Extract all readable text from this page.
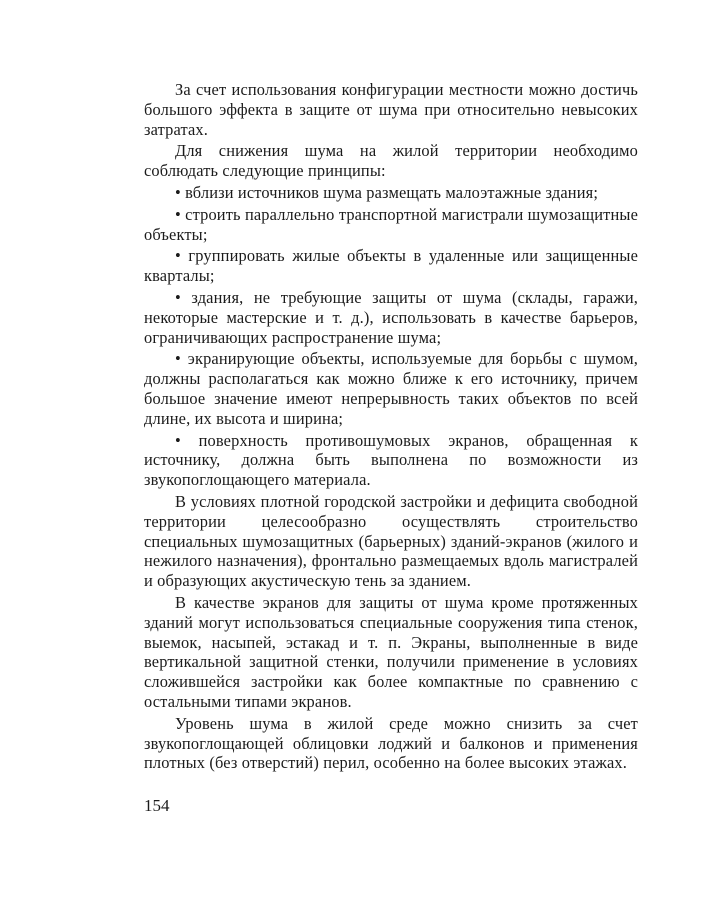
За счет использования конфигурации местности можно достичь большого эффекта в защите от шума при относительно невысоких затратах.

Для снижения шума на жилой территории необходимо соблюдать следующие принципы:

• вблизи источников шума размещать малоэтажные здания;

• строить параллельно транспортной магистрали шумозащитные объекты;

• группировать жилые объекты в удаленные или защищенные кварталы;

• здания, не требующие защиты от шума (склады, гаражи, некоторые мастерские и т. д.), использовать в качестве барьеров, ограничивающих распространение шума;

• экранирующие объекты, используемые для борьбы с шумом, должны располагаться как можно ближе к его источнику, причем большое значение имеют непрерывность таких объектов по всей длине, их высота и ширина;

• поверхность противошумовых экранов, обращенная к источнику, должна быть выполнена по возможности из звукопоглощающего материала.

В условиях плотной городской застройки и дефицита свободной территории целесообразно осуществлять строительство специальных шумозащитных (барьерных) зданий-экранов (жилого и нежилого назначения), фронтально размещаемых вдоль магистралей и образующих акустическую тень за зданием.

В качестве экранов для защиты от шума кроме протяженных зданий могут использоваться специальные сооружения типа стенок, выемок, насыпей, эстакад и т. п. Экраны, выполненные в виде вертикальной защитной стенки, получили применение в условиях сложившейся застройки как более компактные по сравнению с остальными типами экранов.

Уровень шума в жилой среде можно снизить за счет звукопоглощающей облицовки лоджий и балконов и применения плотных (без отверстий) перил, особенно на более высоких этажах.

154
